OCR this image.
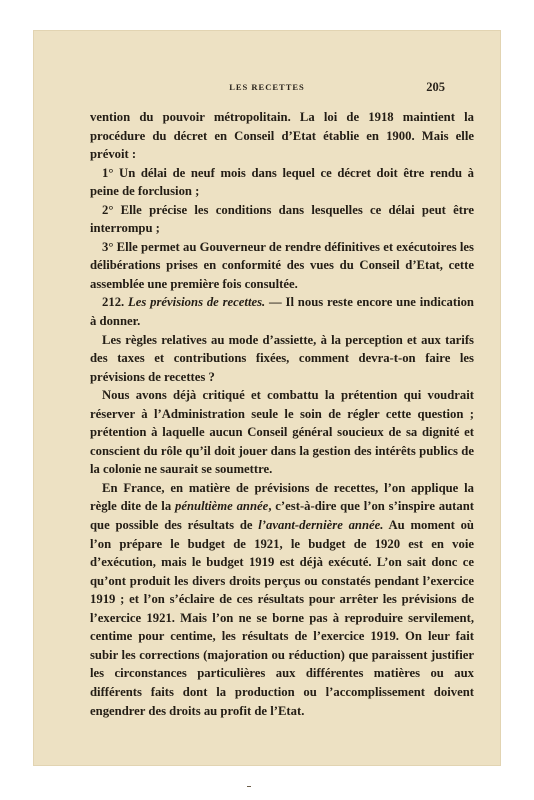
LES RECETTES	205

vention du pouvoir métropolitain. La loi de 1918 maintient la procédure du décret en Conseil d’Etat établie en 1900. Mais elle prévoit :

1° Un délai de neuf mois dans lequel ce décret doit être rendu à peine de forclusion ;

2° Elle précise les conditions dans lesquelles ce délai peut être interrompu ;

3° Elle permet au Gouverneur de rendre définitives et exécutoires les délibérations prises en conformité des vues du Conseil d’Etat, cette assemblée une première fois consultée.

212. Les prévisions de recettes. — Il nous reste encore une indication à donner.

Les règles relatives au mode d’assiette, à la perception et aux tarifs des taxes et contributions fixées, comment devra-t-on faire les prévisions de recettes ?

Nous avons déjà critiqué et combattu la prétention qui voudrait réserver à l’Administration seule le soin de régler cette question ; prétention à laquelle aucun Conseil général soucieux de sa dignité et conscient du rôle qu’il doit jouer dans la gestion des intérêts publics de la colonie ne saurait se soumettre.

En France, en matière de prévisions de recettes, l’on applique la règle dite de la pénultième année, c’est-à-dire que l’on s’inspire autant que possible des résultats de l’avant-dernière année. Au moment où l’on prépare le budget de 1921, le budget de 1920 est en voie d’exécution, mais le budget 1919 est déjà exécuté. L’on sait donc ce qu’ont produit les divers droits perçus ou constatés pendant l’exercice 1919 ; et l’on s’éclaire de ces résultats pour arrêter les prévisions de l’exercice 1921. Mais l’on ne se borne pas à reproduire servilement, centime pour centime, les résultats de l’exercice 1919. On leur fait subir les corrections (majoration ou réduction) que paraissent justifier les circonstances particulières aux différentes matières ou aux différents faits dont la production ou l’accomplissement doivent engendrer des droits au profit de l’Etat.
